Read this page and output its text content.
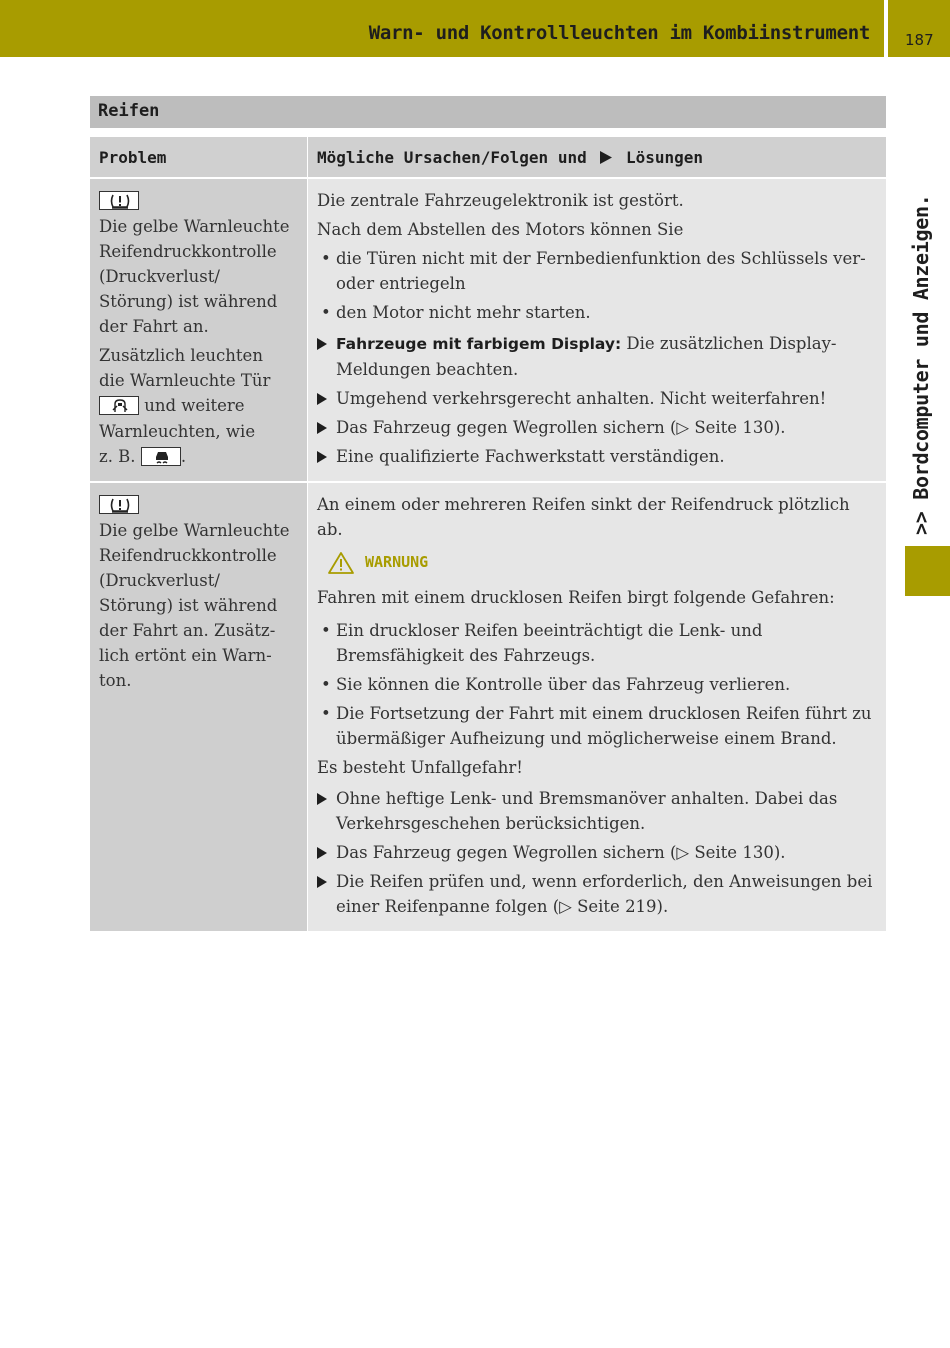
Warn- und Kontrollleuchten im Kombiinstrument 187
>> Bordcomputer und Anzeigen.
Reifen
Problem	Mögliche Ursachen/Folgen und Lösungen
Die gelbe Warnleuchte
Reifendruckkontrolle
(Druckverlust/
Störung) ist während
der Fahrt an.
Zusätzlich leuchten
die Warnleuchte Tür
und weitere
Warnleuchten, wie
z. B.	.

Die zentrale Fahrzeugelektronik ist gestört.

Nach dem Abstellen des Motors können Sie

• die Türen nicht mit der Fernbedienfunktion des Schlüssels ver- oder entriegeln
• den Motor nicht mehr starten.
Fahrzeuge mit farbigem Display: Die zusätzlichen Display-Meldungen beachten.
Umgehend verkehrsgerecht anhalten. Nicht weiterfahren!
Das Fahrzeug gegen Wegrollen sichern (▷ Seite 130).
Eine qualifizierte Fachwerkstatt verständigen.
Die gelbe Warnleuchte
Reifendruckkontrolle
(Druckverlust/
Störung) ist während
der Fahrt an. Zusätz-
lich ertönt ein Warn-
ton.

An einem oder mehreren Reifen sinkt der Reifendruck plötzlich ab.

WARNUNG

Fahren mit einem drucklosen Reifen birgt folgende Gefahren:

• Ein druckloser Reifen beeinträchtigt die Lenk- und Bremsfähigkeit des Fahrzeugs.
• Sie können die Kontrolle über das Fahrzeug verlieren.
• Die Fortsetzung der Fahrt mit einem drucklosen Reifen führt zu übermäßiger Aufheizung und möglicherweise einem Brand.

Es besteht Unfallgefahr!

Ohne heftige Lenk- und Bremsmanöver anhalten. Dabei das Verkehrsgeschehen berücksichtigen.
Das Fahrzeug gegen Wegrollen sichern (▷ Seite 130).
Die Reifen prüfen und, wenn erforderlich, den Anweisungen bei einer Reifenpanne folgen (▷ Seite 219).
